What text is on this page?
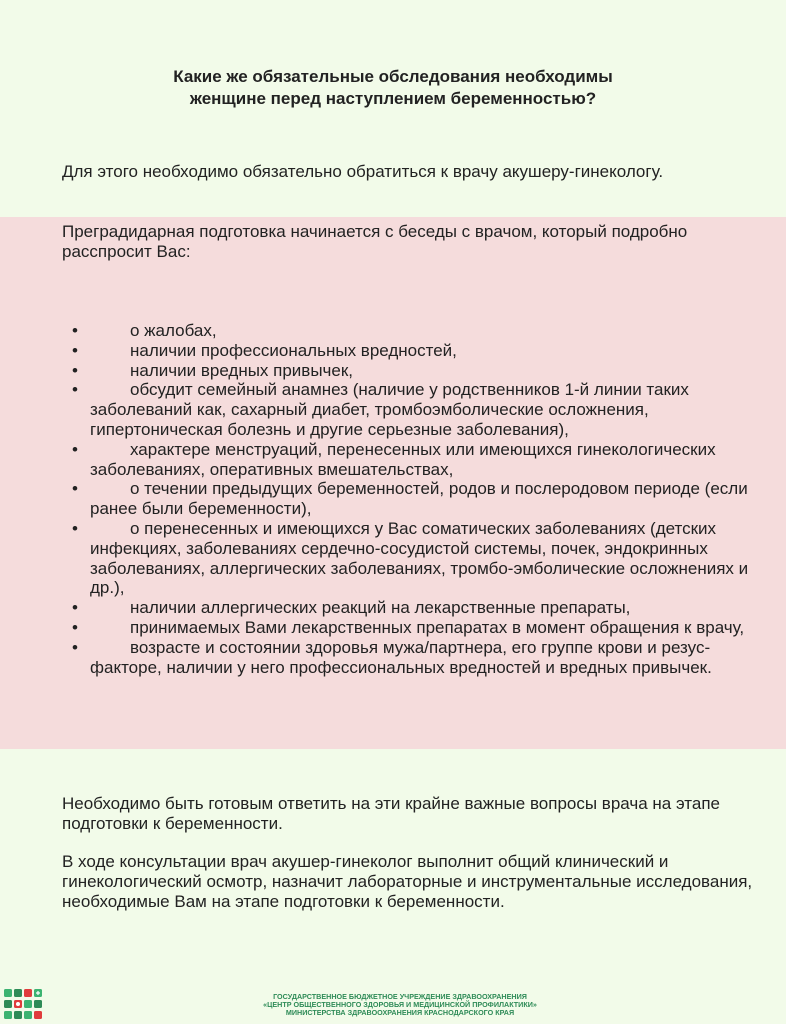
Какие же обязательные обследования необходимы
женщине перед наступлением беременностью?

Для этого необходимо обязательно обратиться к врачу акушеру-гинекологу.

Преградидарная подготовка начинается с беседы с врачом, который подробно расспросит Вас:

•	о жалобах,
•	наличии профессиональных вредностей,
•	наличии вредных привычек,
•	обсудит семейный анамнез (наличие у родственников 1-й линии таких заболеваний как, сахарный диабет, тромбоэмболические осложнения, гипертоническая болезнь и другие серьезные заболевания),
•	характере менструаций, перенесенных или имеющихся гинекологических заболеваниях, оперативных вмешательствах,
•	о течении предыдущих беременностей, родов и послеродовом периоде (если ранее были беременности),
•	о перенесенных и имеющихся у Вас соматических заболеваниях (детских инфекциях, заболеваниях сердечно-сосудистой системы, почек, эндокринных заболеваниях, аллергических заболеваниях, тромбо-эмболические осложнениях и др.),
•	наличии аллергических реакций на лекарственные препараты,
•	принимаемых Вами лекарственных препаратах в момент обращения к врачу,
•	возрасте и состоянии здоровья мужа/партнера, его группе крови и резус-факторе, наличии у него профессиональных вредностей и вредных привычек.

Необходимо быть готовым ответить на эти крайне важные вопросы врача на этапе подготовки к беременности.

В ходе консультации врач акушер-гинеколог выполнит общий клинический и гинекологический осмотр, назначит лабораторные и инструментальные исследования, необходимые Вам на этапе подготовки к беременности.

ГОСУДАРСТВЕННОЕ БЮДЖЕТНОЕ УЧРЕЖДЕНИЕ ЗДРАВООХРАНЕНИЯ
«ЦЕНТР ОБЩЕСТВЕННОГО ЗДОРОВЬЯ И МЕДИЦИНСКОЙ ПРОФИЛАКТИКИ»
МИНИСТЕРСТВА ЗДРАВООХРАНЕНИЯ КРАСНОДАРСКОГО КРАЯ
